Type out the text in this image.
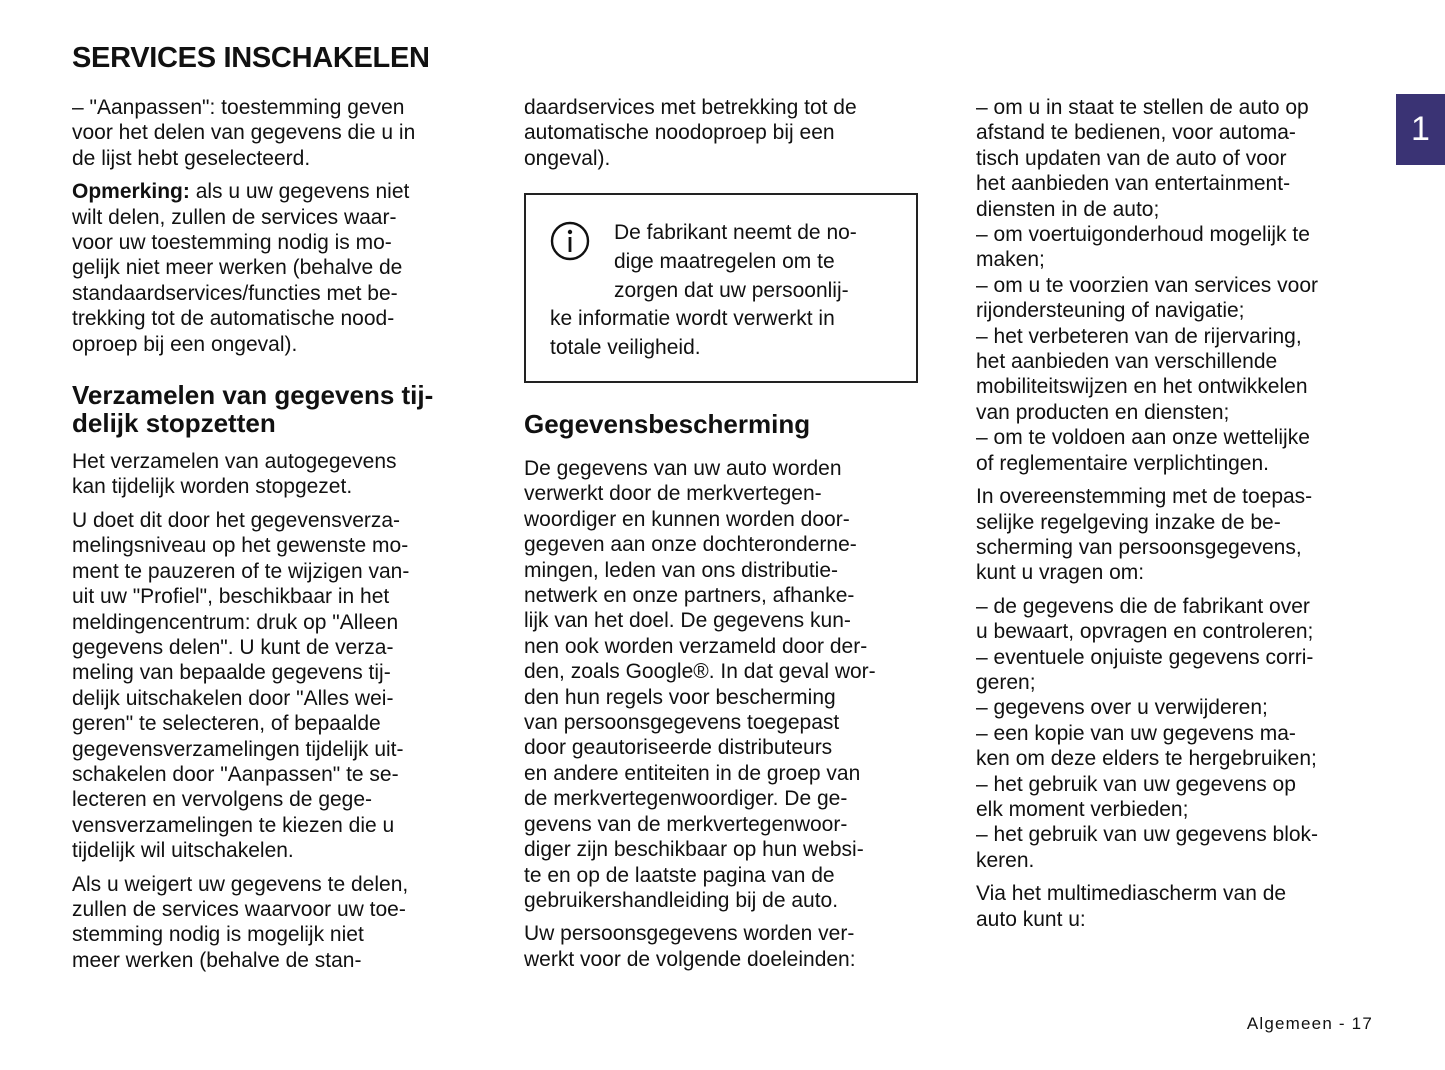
SERVICES INSCHAKELEN
1

– "Aanpassen": toestemming geven

voor het delen van gegevens die u in

de lijst hebt geselecteerd.

Opmerking: als u uw gegevens niet

wilt delen, zullen de services waar-

voor uw toestemming nodig is mo-

gelijk niet meer werken (behalve de

standaardservices/functies met be-

trekking tot de automatische nood-

oproep bij een ongeval).

Verzamelen van gegevens tij-

delijk stopzetten

Het verzamelen van autogegevens

kan tijdelijk worden stopgezet.

U doet dit door het gegevensverza-

melingsniveau op het gewenste mo-

ment te pauzeren of te wijzigen van-

uit uw "Profiel", beschikbaar in het

meldingencentrum: druk op "Alleen

gegevens delen". U kunt de verza-

meling van bepaalde gegevens tij-

delijk uitschakelen door "Alles wei-

geren" te selecteren, of bepaalde

gegevensverzamelingen tijdelijk uit-

schakelen door "Aanpassen" te se-

lecteren en vervolgens de gege-

vensverzamelingen te kiezen die u

tijdelijk wil uitschakelen.

Als u weigert uw gegevens te delen,

zullen de services waarvoor uw toe-

stemming nodig is mogelijk niet

meer werken (behalve de stan-

daardservices met betrekking tot de

automatische noodoproep bij een

ongeval).

De fabrikant neemt de no-
dige maatregelen om te
zorgen dat uw persoonlij-
ke informatie wordt verwerkt in
totale veiligheid.

Gegevensbescherming

De gegevens van uw auto worden

verwerkt door de merkvertegen-

woordiger en kunnen worden door-

gegeven aan onze dochteronderne-

mingen, leden van ons distributie-

netwerk en onze partners, afhanke-

lijk van het doel. De gegevens kun-

nen ook worden verzameld door der-

den, zoals Google®. In dat geval wor-

den hun regels voor bescherming

van persoonsgegevens toegepast

door geautoriseerde distributeurs

en andere entiteiten in de groep van

de merkvertegenwoordiger. De ge-

gevens van de merkvertegenwoor-

diger zijn beschikbaar op hun websi-

te en op de laatste pagina van de

gebruikershandleiding bij de auto.

Uw persoonsgegevens worden ver-

werkt voor de volgende doeleinden:

– om u in staat te stellen de auto op

afstand te bedienen, voor automa-

tisch updaten van de auto of voor

het aanbieden van entertainment-

diensten in de auto;

– om voertuigonderhoud mogelijk te

maken;

– om u te voorzien van services voor

rijondersteuning of navigatie;

– het verbeteren van de rijervaring,

het aanbieden van verschillende

mobiliteitswijzen en het ontwikkelen

van producten en diensten;

– om te voldoen aan onze wettelijke

of reglementaire verplichtingen.

In overeenstemming met de toepas-

selijke regelgeving inzake de be-

scherming van persoonsgegevens,

kunt u vragen om:

– de gegevens die de fabrikant over

u bewaart, opvragen en controleren;

– eventuele onjuiste gegevens corri-

geren;

– gegevens over u verwijderen;

– een kopie van uw gegevens ma-

ken om deze elders te hergebruiken;

– het gebruik van uw gegevens op

elk moment verbieden;

– het gebruik van uw gegevens blok-

keren.

Via het multimediascherm van de

auto kunt u:

Algemeen - 17
